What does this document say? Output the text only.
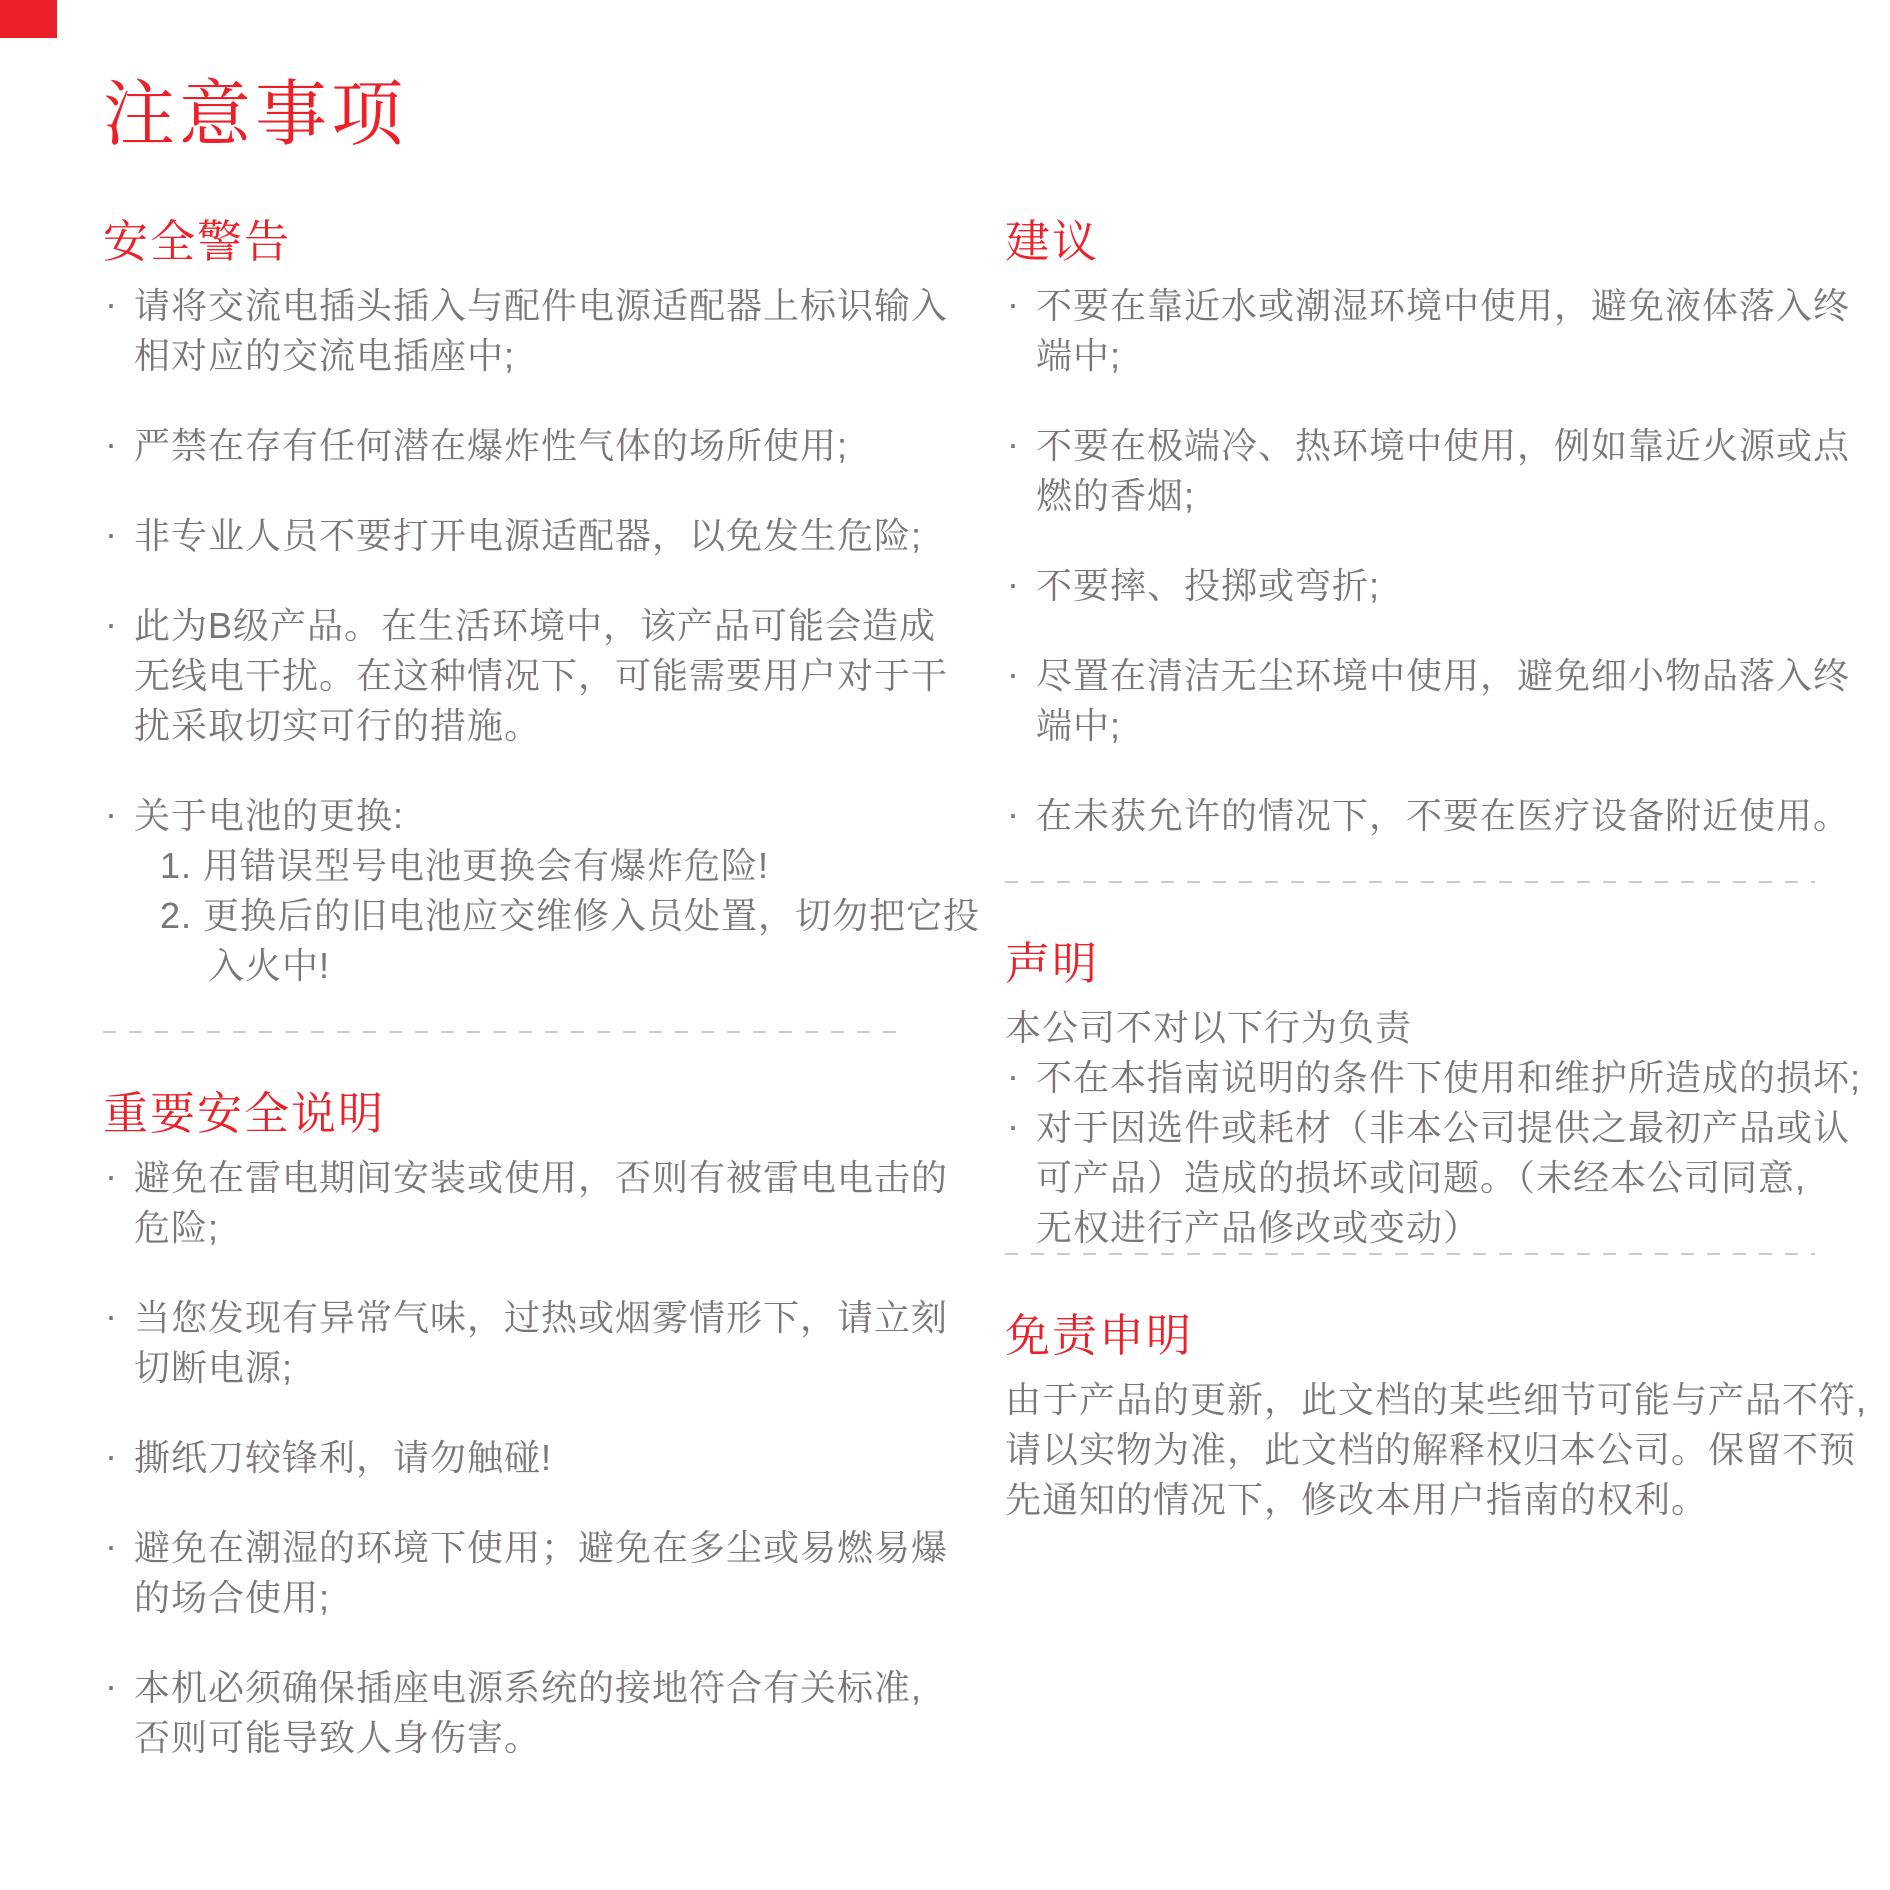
注意事项
安全警告
· 请将交流电插头插入与配件电源适配器上标识输入
相对应的交流电插座中;
· 严禁在存有任何潜在爆炸性气体的场所使用;
· 非专业人员不要打开电源适配器，以免发生危险;
· 此为B级产品。在生活环境中，该产品可能会造成
无线电干扰。在这种情况下，可能需要用户对于干
扰采取切实可行的措施。
· 关于电池的更换:
1. 用错误型号电池更换会有爆炸危险!
2. 更换后的旧电池应交维修入员处置，切勿把它投
入火中!
重要安全说明
· 避免在雷电期间安装或使用，否则有被雷电电击的
危险;
· 当您发现有异常气味，过热或烟雾情形下，请立刻
切断电源;
· 撕纸刀较锋利，请勿触碰!
· 避免在潮湿的环境下使用；避免在多尘或易燃易爆
的场合使用;
· 本机必须确保插座电源系统的接地符合有关标准,
否则可能导致人身伤害。
建议
· 不要在靠近水或潮湿环境中使用，避免液体落入终
端中;
· 不要在极端冷、热环境中使用，例如靠近火源或点
燃的香烟;
· 不要摔、投掷或弯折;
· 尽置在清洁无尘环境中使用，避免细小物品落入终
端中;
· 在未获允许的情况下，不要在医疗设备附近使用。
声明
本公司不对以下行为负责
· 不在本指南说明的条件下使用和维护所造成的损坏;
· 对于因选件或耗材（非本公司提供之最初产品或认
可产品）造成的损坏或问题。（未经本公司同意,
无权进行产品修改或变动）
免责申明
由于产品的更新，此文档的某些细节可能与产品不符,
请以实物为准，此文档的解释权归本公司。保留不预
先通知的情况下，修改本用户指南的权利。
